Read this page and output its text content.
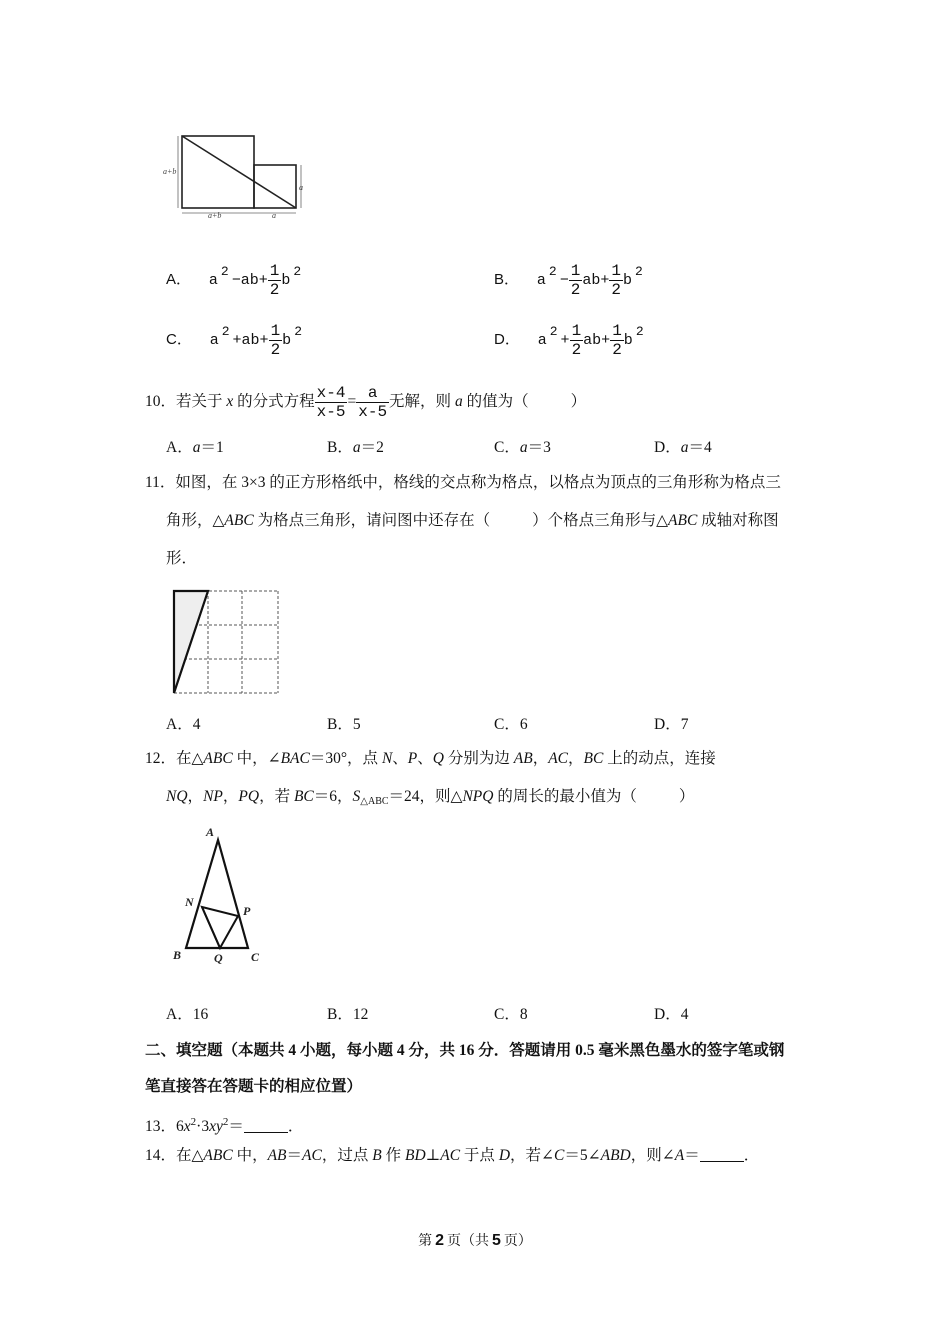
a+b
a
a+b	a
A． $a2-ab+ \frac{1}{2} b2$	B． $a2- \frac{1}{2} ab+ \frac{1}{2} b2$
C． $a2+ab+ \frac{1}{2} b2$	D． $a2+ \frac{1}{2} ab+ \frac{1}{2} b2$
10．若关于 x 的分式方程 $\frac{x-4}{x-5} = \frac{a}{x-5}$ 无解，则 a 的值为（	）
A．a＝1	B．a＝2	C．a＝3	D．a＝4
11．如图，在 3×3 的正方形格纸中，格线的交点称为格点，以格点为顶点的三角形称为格点三
角形，△ABC 为格点三角形，请问图中还存在（	）个格点三角形与△ABC 成轴对称图
形．
A．4	B．5	C．6	D．7
12．在△ABC 中，∠BAC＝30°，点 N、P、Q 分别为边 AB，AC，BC 上的动点，连接
NQ，NP，PQ，若 BC＝6，$S_{\triangle ABC}=24$，则△NPQ 的周长的最小值为（	）
A
N
P
B	Q C
A．16	B．12	C．8	D．4
二、填空题（本题共 4 小题，每小题 4 分，共 16 分．答题请用 0.5 毫米黑色墨水的签字笔或钢
笔直接答在答题卡的相应位置）
13．$6x^2\cdot 3xy^2=$	．
14．在△ABC 中，AB＝AC，过点 B 作 BD⊥AC 于点 D，若∠C＝5∠ABD，则∠A＝	．
第 2 页（共 5 页）
